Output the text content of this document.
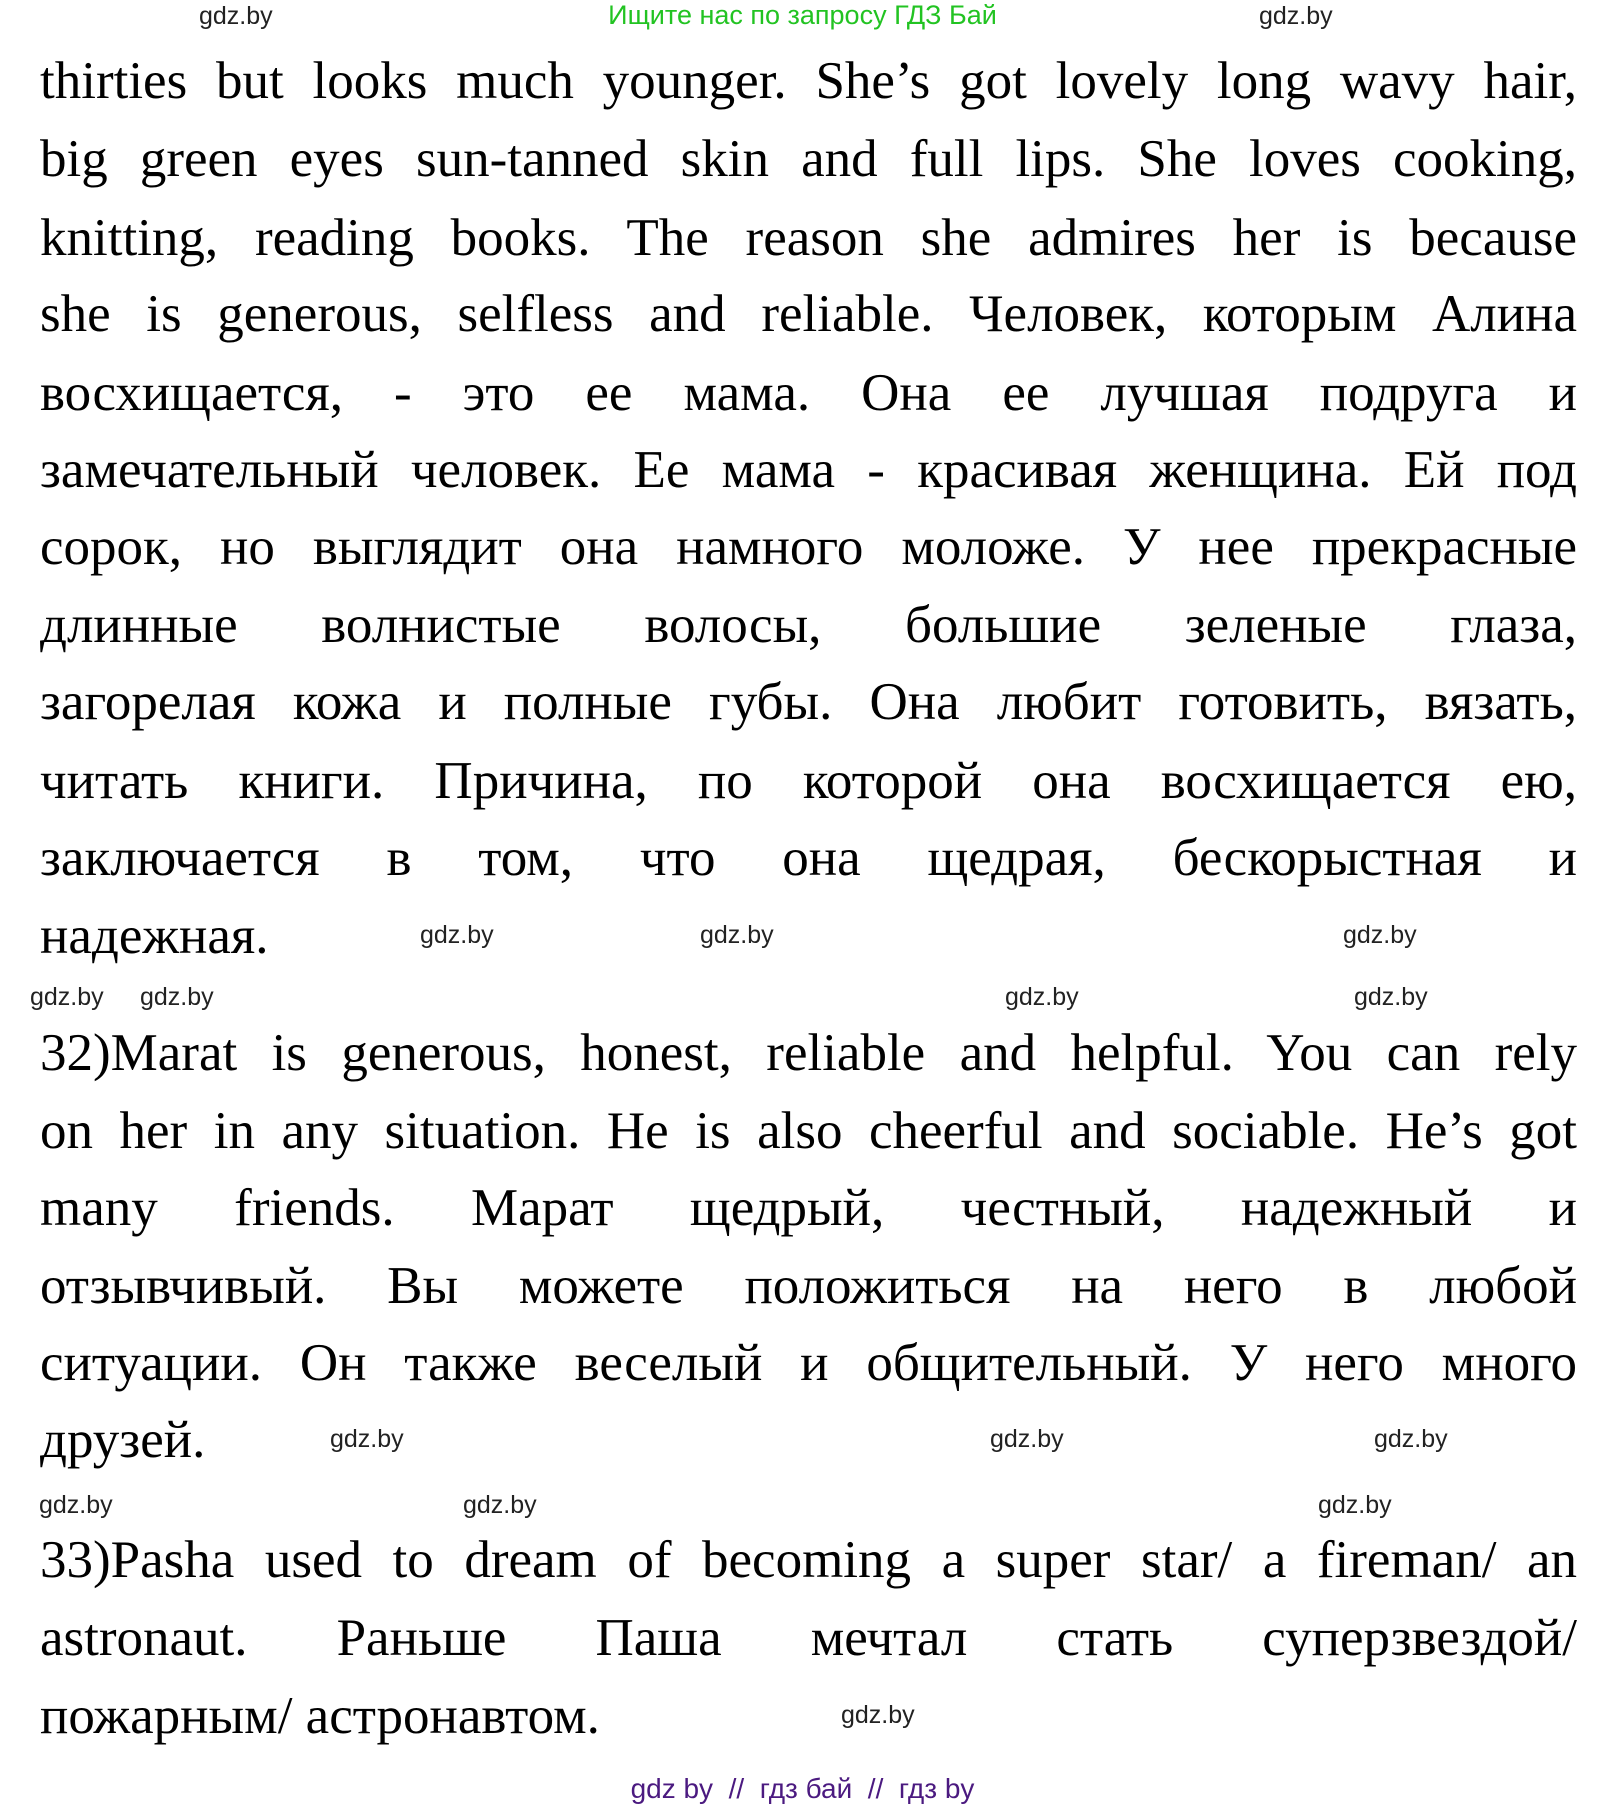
Ищите нас по запросу ГДЗ Бай
thirties but looks much younger. She’s got lovely long wavy hair,
big green eyes sun-tanned skin and full lips. She loves cooking,
knitting, reading books. The reason she admires her is because
she is generous, selfless and reliable. Человек, которым Алина
восхищается, - это ее мама. Она ее лучшая подруга и
замечательный человек. Ее мама - красивая женщина. Ей под
сорок, но выглядит она намного моложе. У нее прекрасные
длинные волнистые волосы, большие зеленые глаза,
загорелая кожа и полные губы. Она любит готовить, вязать,
читать книги. Причина, по которой она восхищается ею,
заключается в том, что она щедрая, бескорыстная и
надежная.
32)Marat is generous, honest, reliable and helpful. You can rely
on her in any situation. He is also cheerful and sociable. He’s got
many friends. Марат щедрый, честный, надежный и
отзывчивый. Вы можете положиться на него в любой
ситуации. Он также веселый и общительный. У него много
друзей.
33)Pasha used to dream of becoming a super star/ a fireman/ an
astronaut. Раньше Паша мечтал стать суперзвездой/
пожарным/ астронавтом.
gdz.by
gdz.by
gdz.by
gdz.by
gdz.by	gdz.by
gdz.by
gdz.by
gdz.by
gdz.by	gdz.by
gdz.by
gdz.by
gdz.by	gdz.by
gdz.by
gdz by  //  гдз бай  //  гдз by
